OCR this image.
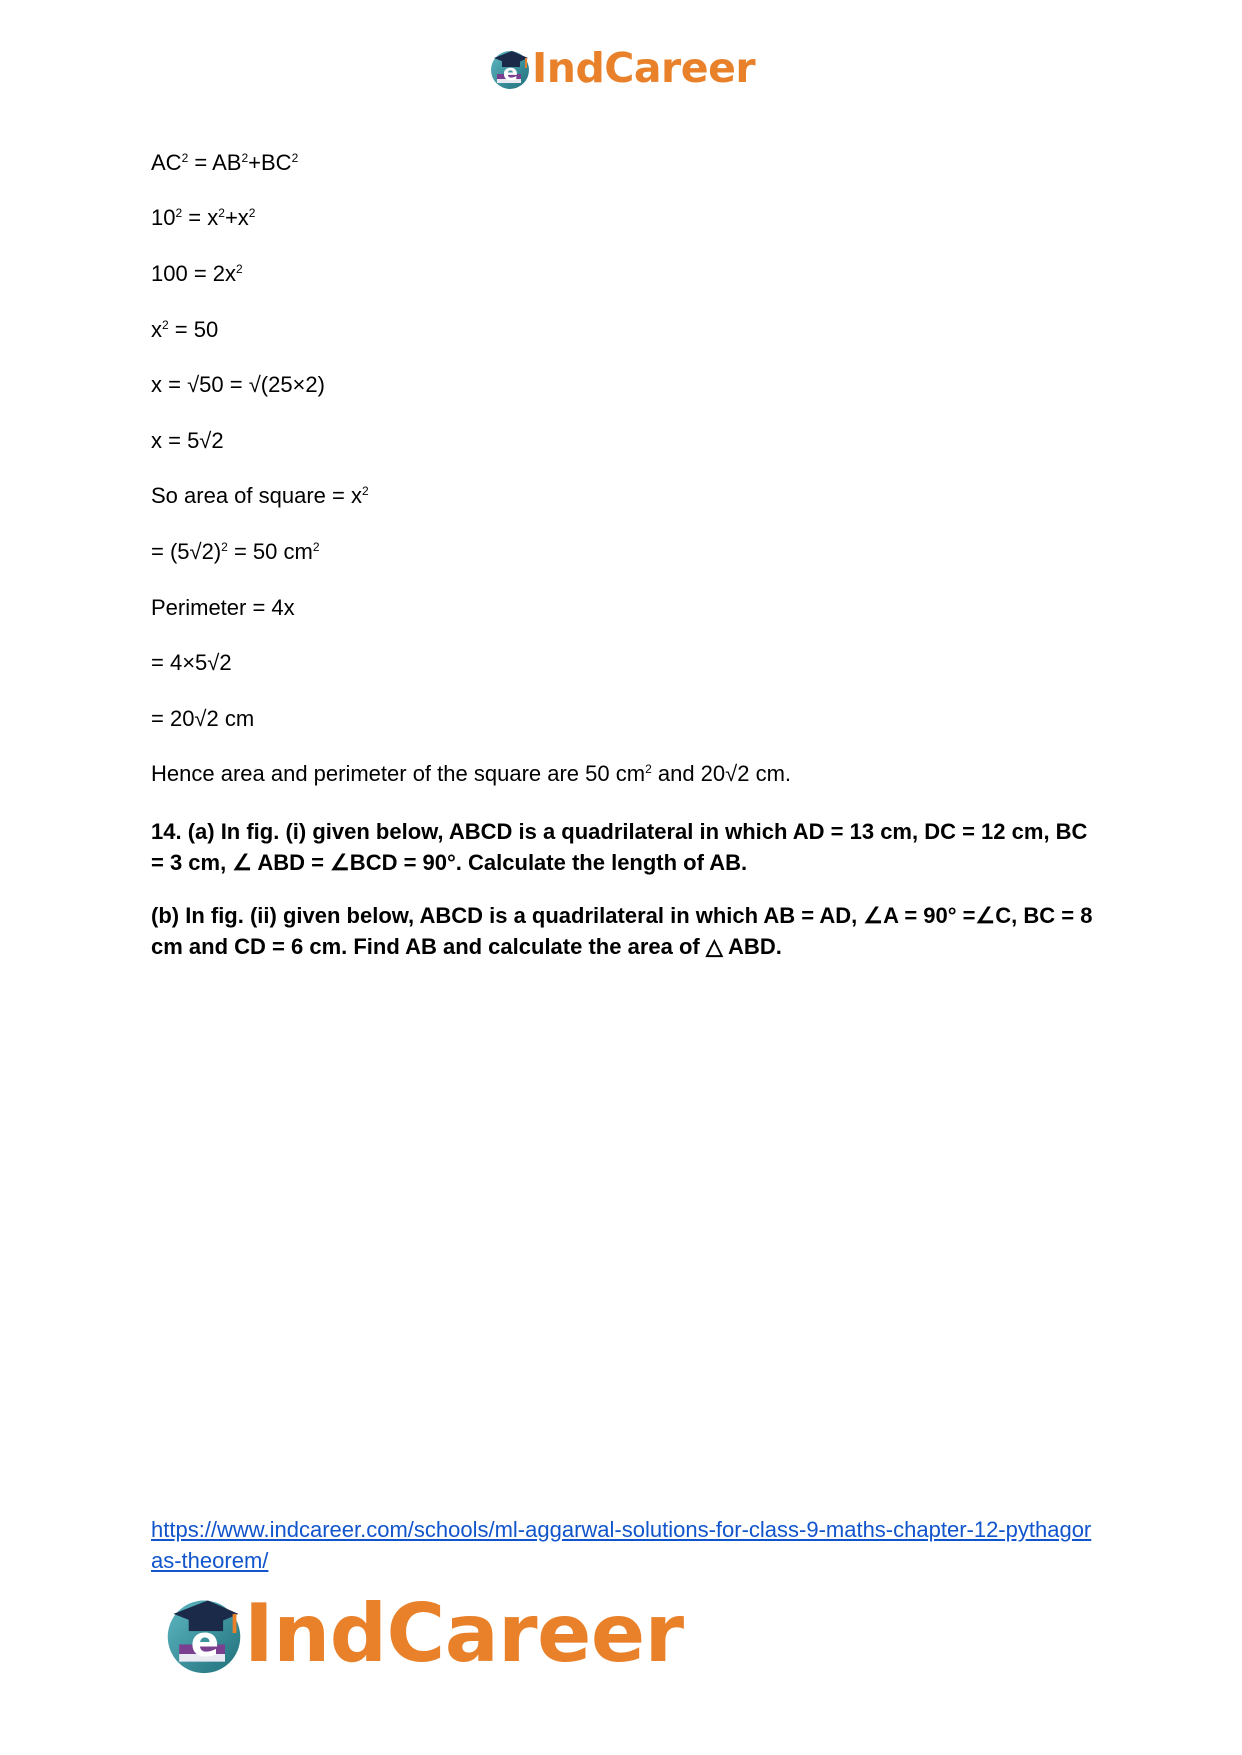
e IndCareer
$AC^2 = AB^2+BC^2$
$10^2 = x^2+x^2$
$100 = 2x^2$
$x^2 = 50$
x = √50 = √(25×2)
x = 5√2
So area of square = $x^2$
= $(5√2)^2 = 50$ $cm^2$
Perimeter = 4x
= 4×5√2
= 20√2 cm
Hence area and perimeter of the square are 50 $cm^2$ and 20√2 cm.
14. (a) In fig. (i) given below, ABCD is a quadrilateral in which AD = 13 cm, DC = 12 cm, BC = 3 cm, ∠ ABD = ∠BCD = 90°. Calculate the length of AB.
(b) In fig. (ii) given below, ABCD is a quadrilateral in which AB = AD, ∠A = 90° =∠C, BC = 8 cm and CD = 6 cm. Find AB and calculate the area of △ ABD.
https://www.indcareer.com/schools/ml-aggarwal-solutions-for-class-9-maths-chapter-12-pythagoras-theorem/
e IndCareer
